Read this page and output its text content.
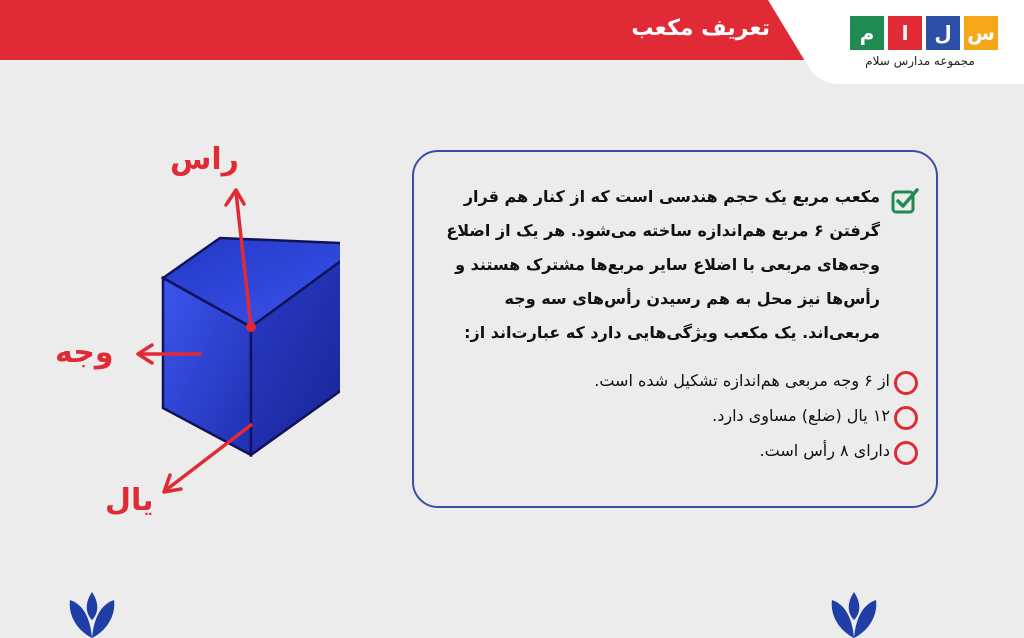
تعریف مکعب	م	ا	ل س
مجموعه مدارس سلام
راس
وجه
یال
مکعب مربع یک حجم هندسی است که از کنار هم قرار گرفتن ۶ مربع هم‌اندازه ساخته می‌شود. هر یک از اضلاع وجه‌های مربعی با اضلاع سایر مربع‌ها مشترک هستند و رأس‌ها نیز محل به هم رسیدن رأس‌های سه وجه مربعی‌اند. یک مکعب ویژگی‌هایی دارد که عبارت‌اند از:
از ۶ وجه مربعی هم‌اندازه تشکیل شده است.
۱۲ یال (ضلع) مساوی دارد.
دارای ۸ رأس است.
